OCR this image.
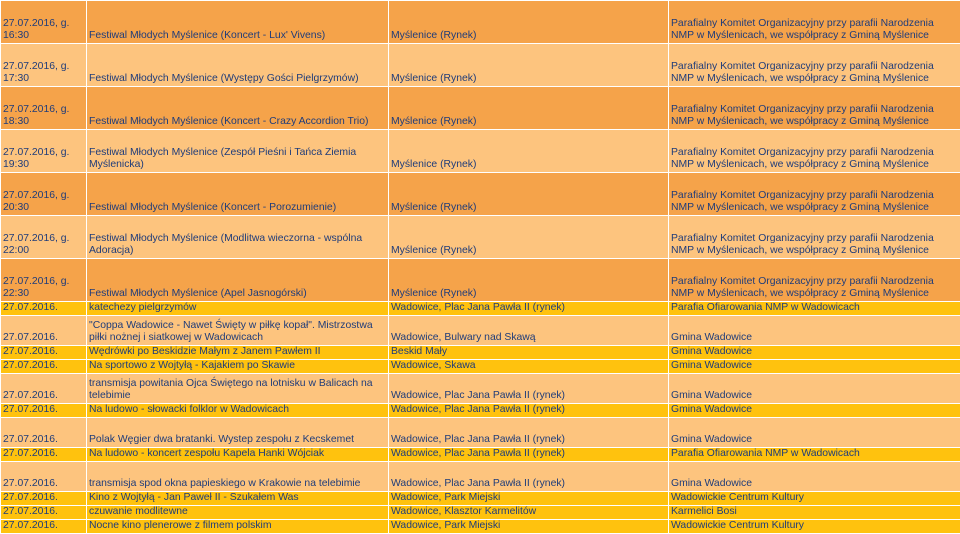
27.07.2016, g. 16:30	Festiwal Młodych Myślenice (Koncert - Lux' Vivens)	Myślenice (Rynek)	Parafialny Komitet Organizacyjny przy parafii Narodzenia NMP w Myślenicach, we współpracy z Gminą Myślenice
27.07.2016, g. 17:30	Festiwal Młodych Myślenice (Występy Gości Pielgrzymów)	Myślenice (Rynek)	Parafialny Komitet Organizacyjny przy parafii Narodzenia NMP w Myślenicach, we współpracy z Gminą Myślenice
27.07.2016, g. 18:30	Festiwal Młodych Myślenice (Koncert - Crazy Accordion Trio)	Myślenice (Rynek)	Parafialny Komitet Organizacyjny przy parafii Narodzenia NMP w Myślenicach, we współpracy z Gminą Myślenice
27.07.2016, g. 19:30	Festiwal Młodych Myślenice (Zespół Pieśni i Tańca Ziemia Myślenicka)	Myślenice (Rynek)	Parafialny Komitet Organizacyjny przy parafii Narodzenia NMP w Myślenicach, we współpracy z Gminą Myślenice
27.07.2016, g. 20:30	Festiwal Młodych Myślenice (Koncert - Porozumienie)	Myślenice (Rynek)	Parafialny Komitet Organizacyjny przy parafii Narodzenia NMP w Myślenicach, we współpracy z Gminą Myślenice
27.07.2016, g. 22:00	Festiwal Młodych Myślenice (Modlitwa wieczorna - wspólna Adoracja)	Myślenice (Rynek)	Parafialny Komitet Organizacyjny przy parafii Narodzenia NMP w Myślenicach, we współpracy z Gminą Myślenice
27.07.2016, g. 22:30	Festiwal Młodych Myślenice (Apel Jasnogórski)	Myślenice (Rynek)	Parafialny Komitet Organizacyjny przy parafii Narodzenia NMP w Myślenicach, we współpracy z Gminą Myślenice
27.07.2016.	katechezy pielgrzymów	Wadowice, Plac Jana Pawła II (rynek)	Parafia Ofiarowania NMP w Wadowicach
27.07.2016.	"Coppa Wadowice - Nawet Święty w piłkę kopał". Mistrzostwa piłki nożnej i siatkowej w Wadowicach	Wadowice, Bulwary nad Skawą	Gmina Wadowice
27.07.2016.	Wędrówki po Beskidzie Małym z Janem Pawłem II	Beskid Mały	Gmina Wadowice
27.07.2016.	Na sportowo z Wojtyłą - Kajakiem po Skawie	Wadowice, Skawa	Gmina Wadowice
27.07.2016.	transmisja powitania Ojca Świętego na lotnisku w Balicach na telebimie	Wadowice, Plac Jana Pawła II (rynek)	Gmina Wadowice
27.07.2016.	Na ludowo - słowacki folklor w Wadowicach	Wadowice, Plac Jana Pawła II (rynek)	Gmina Wadowice
27.07.2016.	Polak Węgier dwa bratanki. Wystep zespołu z Kecskemet	Wadowice, Plac Jana Pawła II (rynek)	Gmina Wadowice
27.07.2016.	Na ludowo - koncert zespołu Kapela Hanki Wójciak	Wadowice, Plac Jana Pawła II (rynek)	Parafia Ofiarowania NMP w Wadowicach
27.07.2016.	transmisja spod okna papieskiego w Krakowie na telebimie	Wadowice, Plac Jana Pawła II (rynek)	Gmina Wadowice
27.07.2016.	Kino z Wojtyłą - Jan Paweł II - Szukałem Was	Wadowice, Park Miejski	Wadowickie Centrum Kultury
27.07.2016.	czuwanie modlitewne	Wadowice, Klasztor Karmelitów	Karmelici Bosi
27.07.2016.	Nocne kino plenerowe z filmem polskim	Wadowice, Park Miejski	Wadowickie Centrum Kultury
